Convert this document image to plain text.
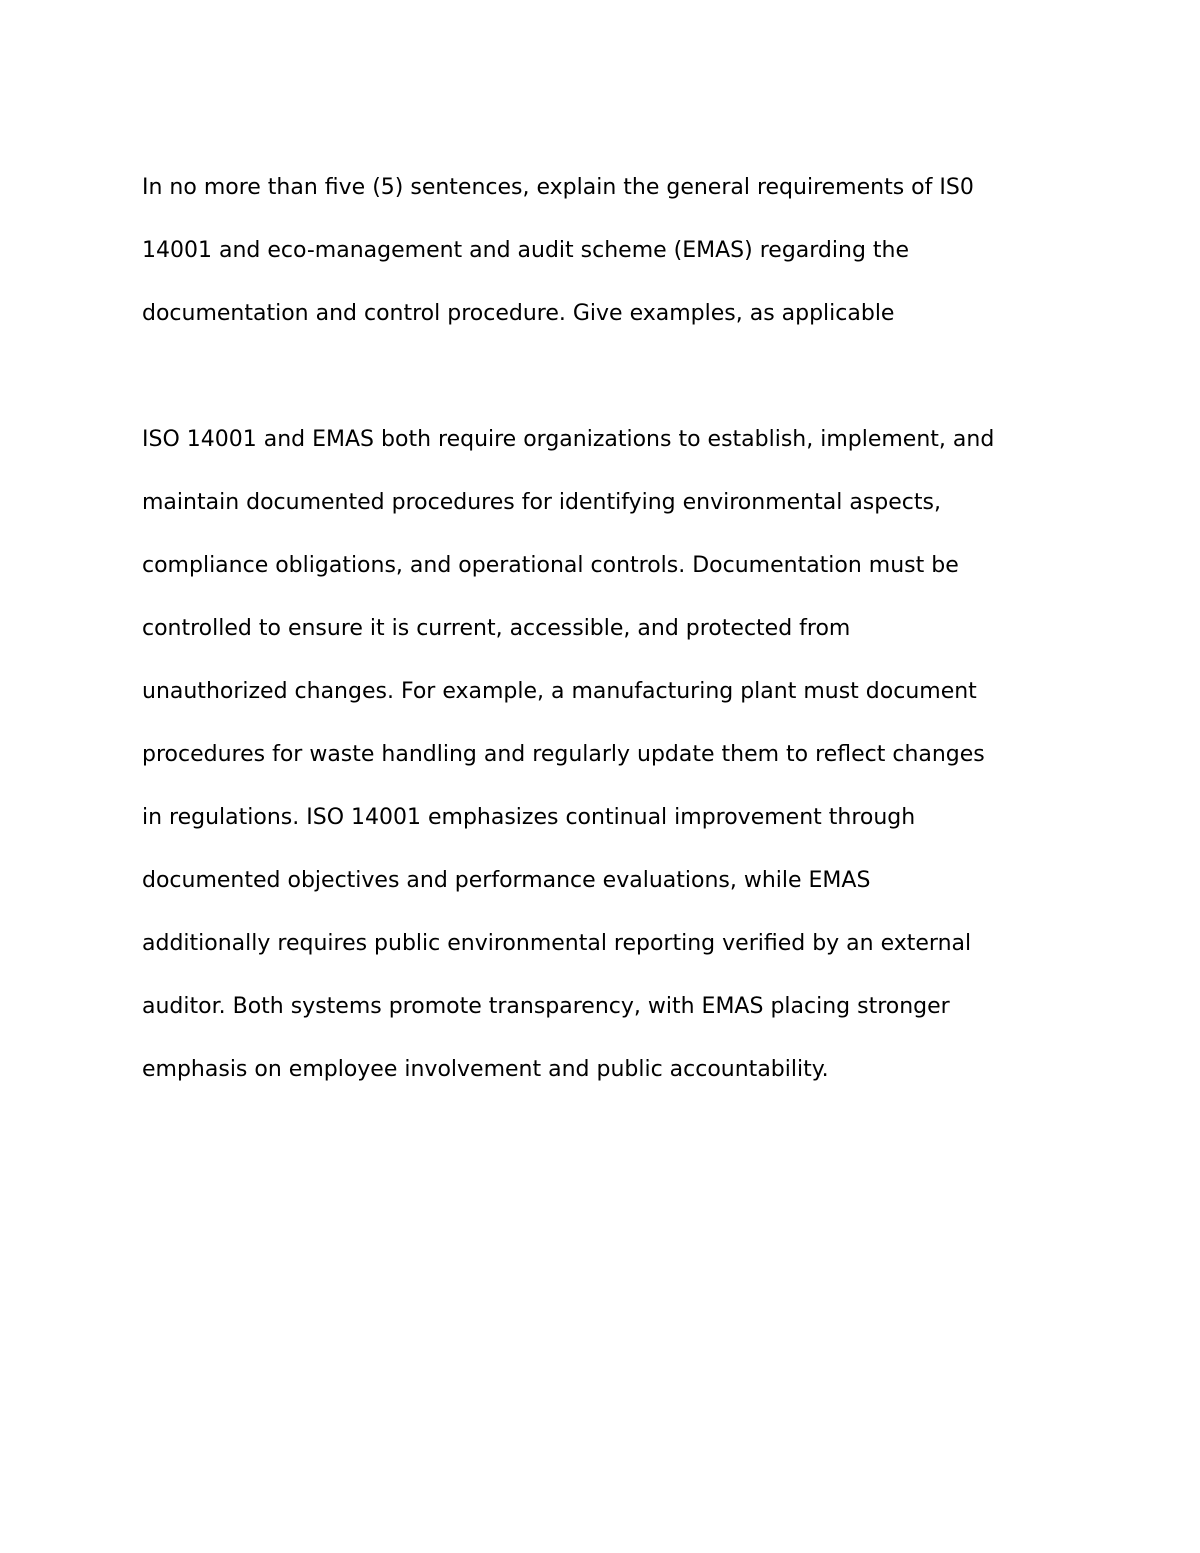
In no more than five (5) sentences, explain the general requirements of IS0

14001 and eco-management and audit scheme (EMAS) regarding the

documentation and control procedure. Give examples, as applicable

ISO 14001 and EMAS both require organizations to establish, implement, and

maintain documented procedures for identifying environmental aspects,

compliance obligations, and operational controls. Documentation must be

controlled to ensure it is current, accessible, and protected from

unauthorized changes. For example, a manufacturing plant must document

procedures for waste handling and regularly update them to reflect changes

in regulations. ISO 14001 emphasizes continual improvement through

documented objectives and performance evaluations, while EMAS

additionally requires public environmental reporting verified by an external

auditor. Both systems promote transparency, with EMAS placing stronger

emphasis on employee involvement and public accountability.
